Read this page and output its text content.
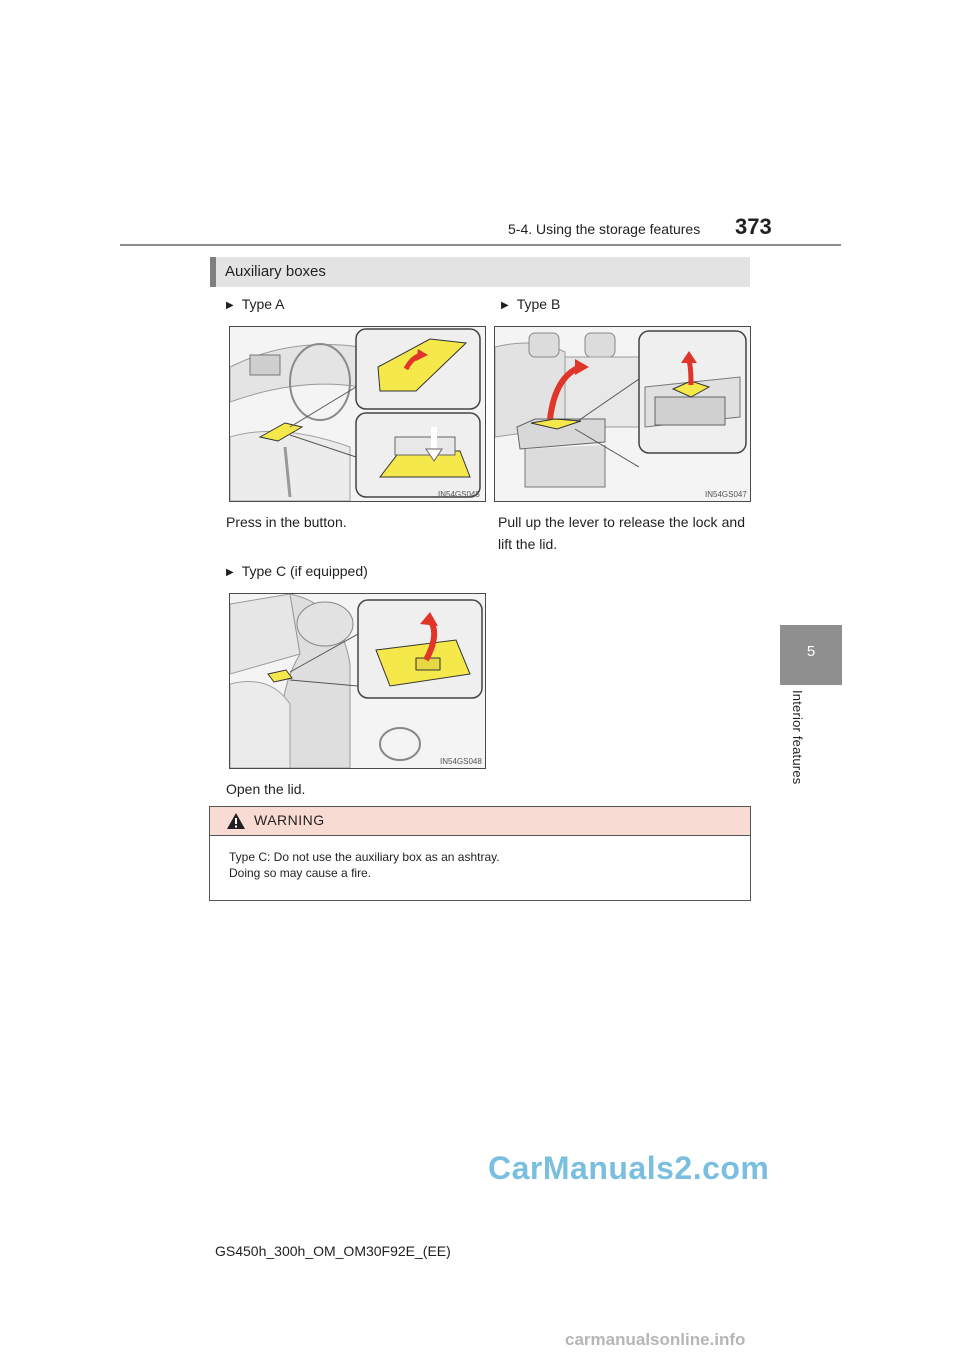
5-4. Using the storage features 373
5
Interior features
Auxiliary boxes
▶ Type A
IN54GS045
Press in the button.
▶ Type B
IN54GS047
Pull up the lever to release the lock and lift the lid.
▶ Type C (if equipped)
IN54GS048
Open the lid.
WARNING
Type C: Do not use the auxiliary box as an ashtray.
Doing so may cause a fire.
GS450h_300h_OM_OM30F92E_(EE)
CarManuals2.com
carmanualsonline.info
